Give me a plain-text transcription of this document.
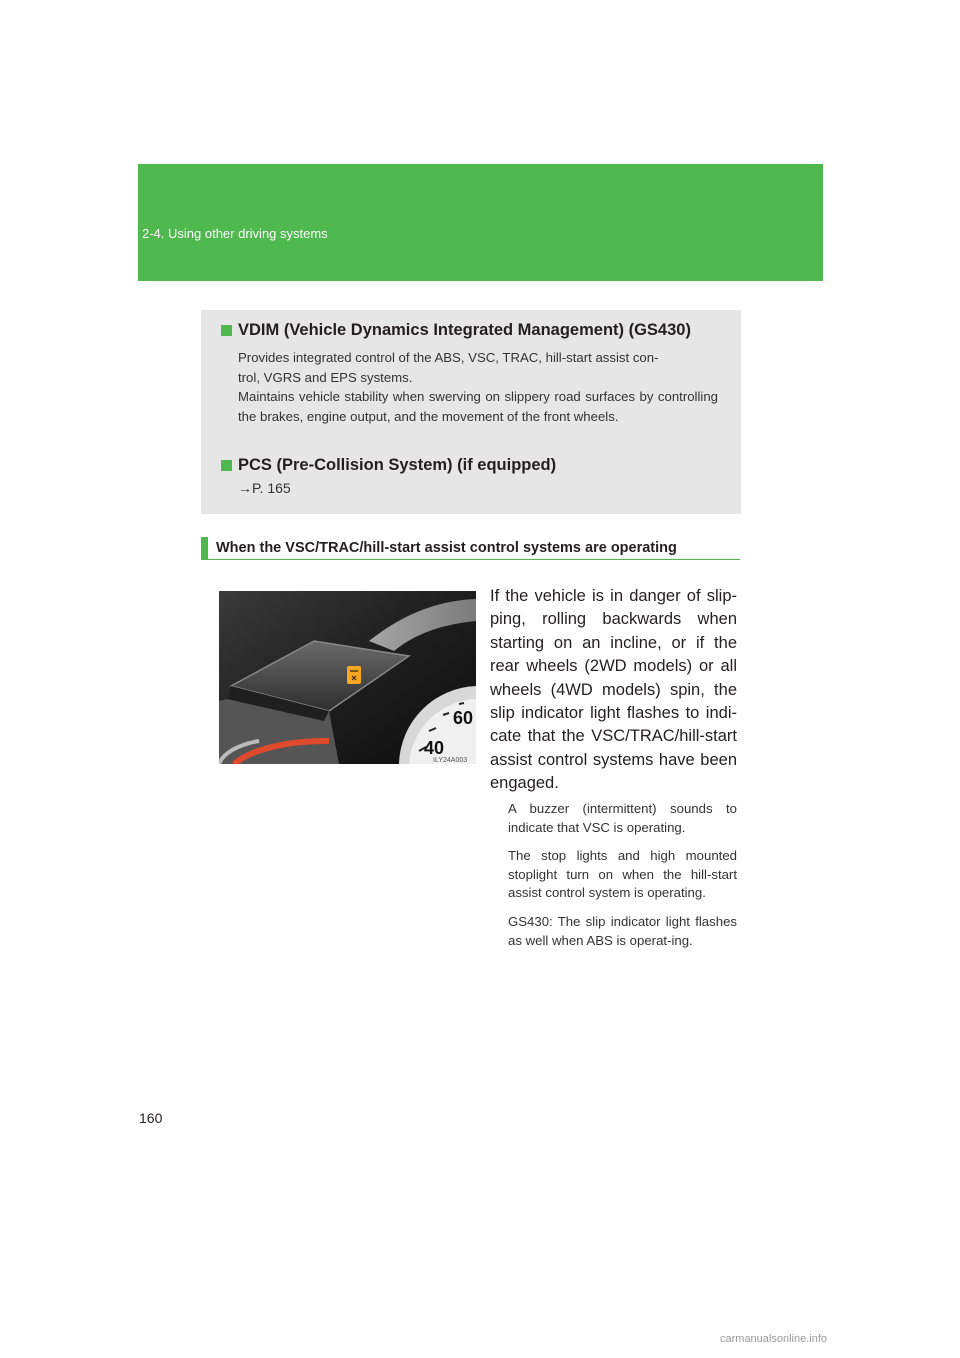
2-4. Using other driving systems
VDIM (Vehicle Dynamics Integrated Management) (GS430)
Provides integrated control of the ABS, VSC, TRAC, hill-start assist con-
trol, VGRS and EPS systems.
Maintains vehicle stability when swerving on slippery road surfaces by controlling the brakes, engine output, and the movement of the front wheels.
PCS (Pre-Collision System) (if equipped)
→P. 165
When the VSC/TRAC/hill-start assist control systems are operating
60
40
ILY24A003
If the vehicle is in danger of slip-ping, rolling backwards when starting on an incline, or if the rear wheels (2WD models) or all wheels (4WD models) spin, the slip indicator light flashes to indi-cate that the VSC/TRAC/hill-start assist control systems have been engaged.
A buzzer (intermittent) sounds to indicate that VSC is operating.
The stop lights and high mounted stoplight turn on when the hill-start assist control system is operating.
GS430: The slip indicator light flashes as well when ABS is operat-ing.
160
carmanualsonline.info
